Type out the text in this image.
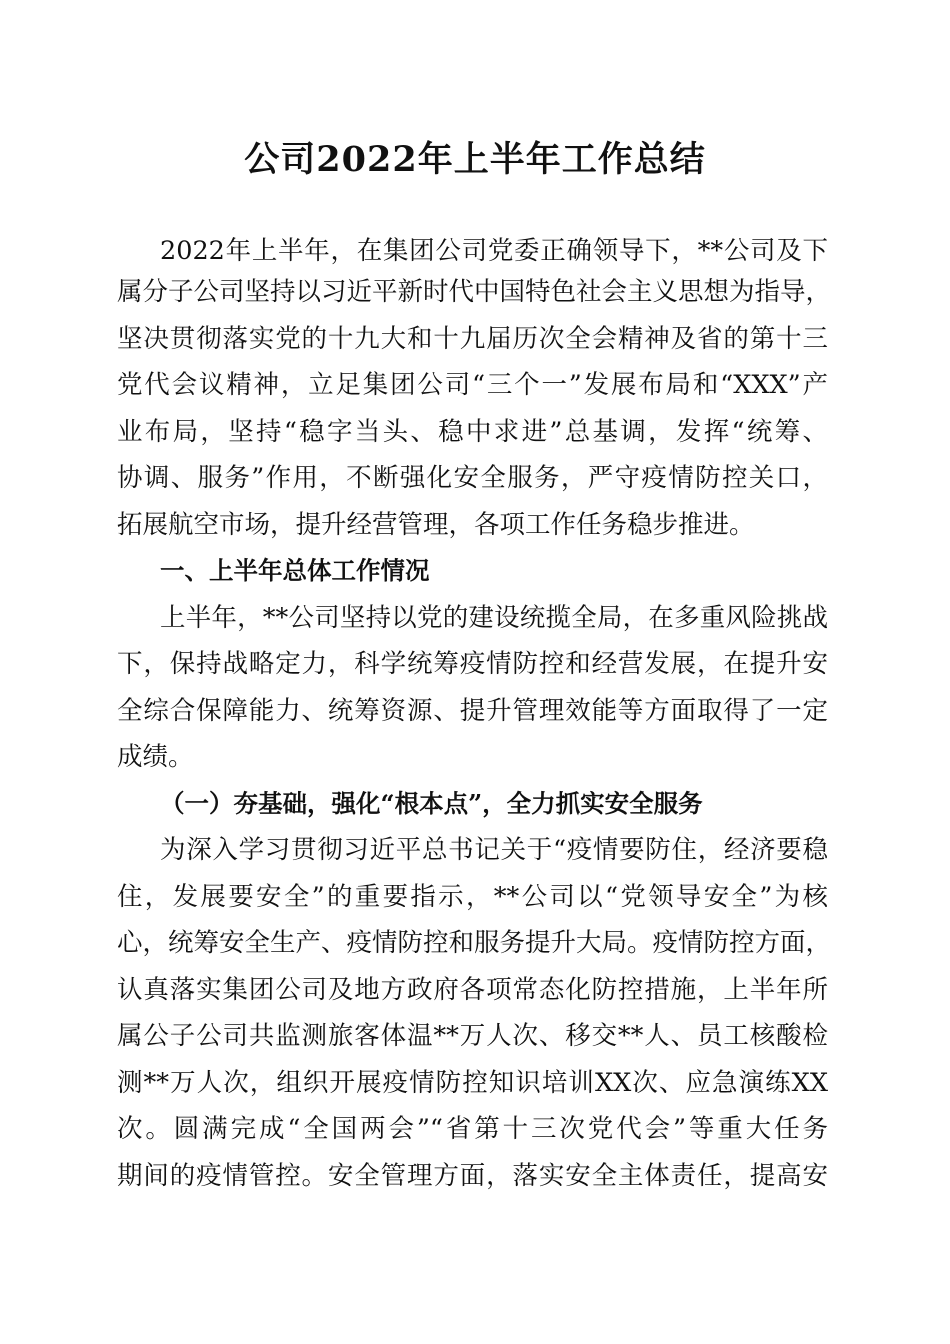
公司2022年上半年工作总结
2022年上半年，在集团公司党委正确领导下，**公司及下
属分子公司坚持以习近平新时代中国特色社会主义思想为指导，
坚决贯彻落实党的十九大和十九届历次全会精神及省的第十三
党代会议精神，立足集团公司“三个一”发展布局和“XXX”产
业布局，坚持“稳字当头、稳中求进”总基调，发挥“统筹、
协调、服务”作用，不断强化安全服务，严守疫情防控关口，
拓展航空市场，提升经营管理，各项工作任务稳步推进。
一、上半年总体工作情况
上半年，**公司坚持以党的建设统揽全局，在多重风险挑战
下，保持战略定力，科学统筹疫情防控和经营发展，在提升安
全综合保障能力、统筹资源、提升管理效能等方面取得了一定
成绩。
（一）夯基础，强化“根本点”，全力抓实安全服务
为深入学习贯彻习近平总书记关于“疫情要防住，经济要稳
住，发展要安全”的重要指示，**公司以“党领导安全”为核
心，统筹安全生产、疫情防控和服务提升大局。疫情防控方面，
认真落实集团公司及地方政府各项常态化防控措施，上半年所
属公子公司共监测旅客体温**万人次、移交**人、员工核酸检
测**万人次，组织开展疫情防控知识培训XX次、应急演练XX
次。圆满完成“全国两会”“省第十三次党代会”等重大任务
期间的疫情管控。安全管理方面，落实安全主体责任，提高安
